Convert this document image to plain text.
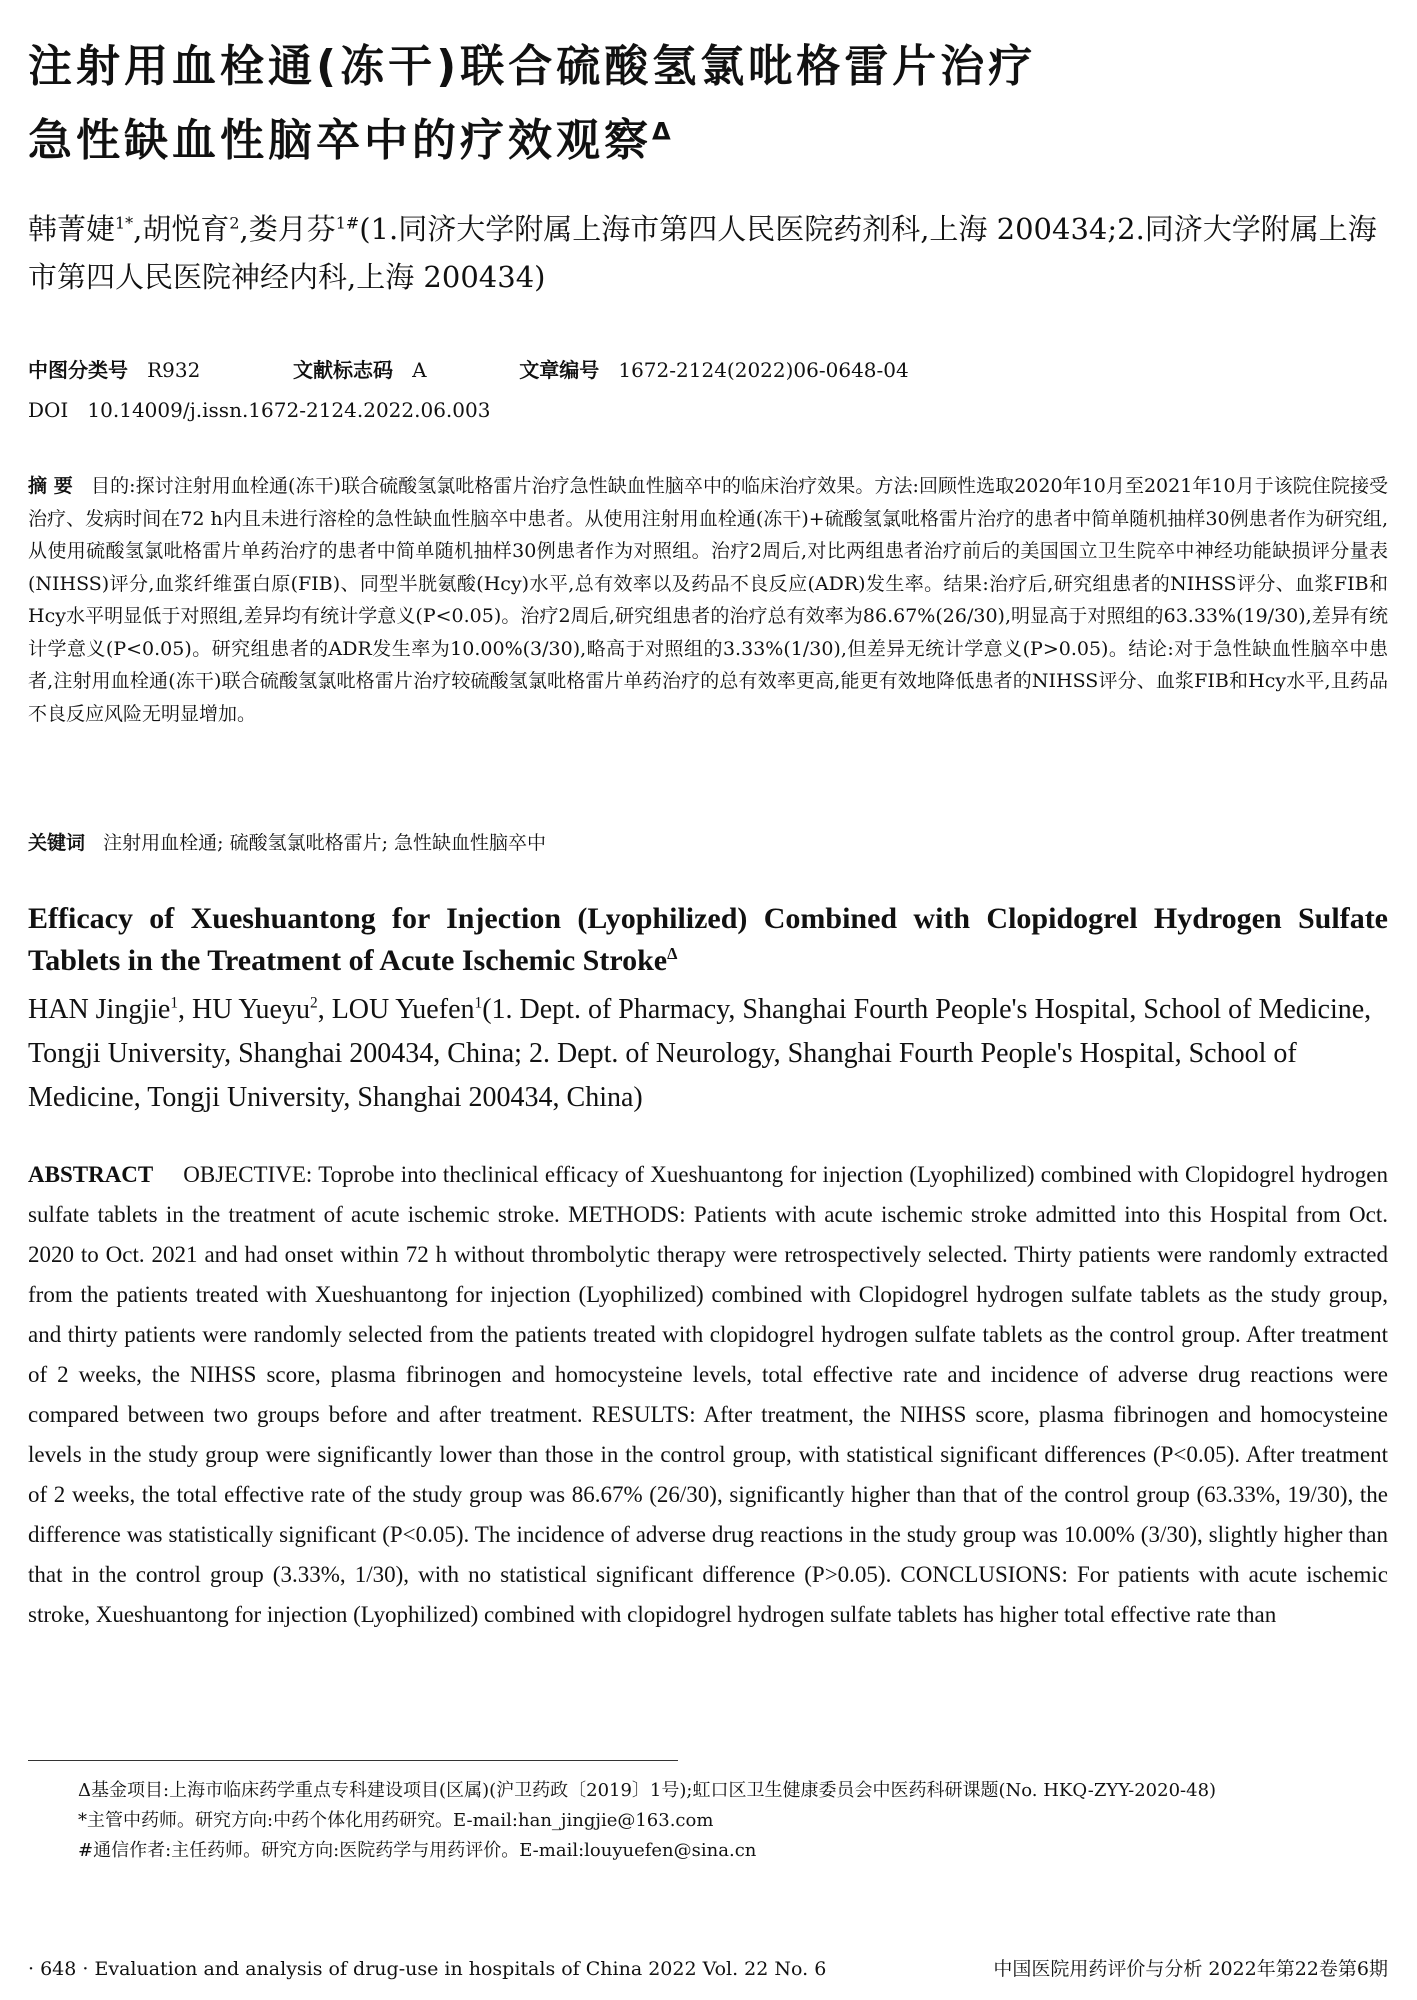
注射用血栓通(冻干)联合硫酸氢氯吡格雷片治疗
急性缺血性脑卒中的疗效观察$^\Delta$
韩菁婕$^{1*}$,胡悦育$^2$,娄月芬$^{1\#}$(1.同济大学附属上海市第四人民医院药剂科,上海 200434;2.同济大学附属上海市第四人民医院神经内科,上海 200434)
中图分类号 R932	文献标志码 A	文章编号 1672-2124(2022)06-0648-04
DOI 10.14009/j.issn.1672-2124.2022.06.003
摘 要 目的:探讨注射用血栓通(冻干)联合硫酸氢氯吡格雷片治疗急性缺血性脑卒中的临床治疗效果。方法:回顾性选取2020年10月至2021年10月于该院住院接受治疗、发病时间在72 h内且未进行溶栓的急性缺血性脑卒中患者。从使用注射用血栓通(冻干)+硫酸氢氯吡格雷片治疗的患者中简单随机抽样30例患者作为研究组,从使用硫酸氢氯吡格雷片单药治疗的患者中简单随机抽样30例患者作为对照组。治疗2周后,对比两组患者治疗前后的美国国立卫生院卒中神经功能缺损评分量表(NIHSS)评分,血浆纤维蛋白原(FIB)、同型半胱氨酸(Hcy)水平,总有效率以及药品不良反应(ADR)发生率。结果:治疗后,研究组患者的NIHSS评分、血浆FIB和Hcy水平明显低于对照组,差异均有统计学意义(P<0.05)。治疗2周后,研究组患者的治疗总有效率为86.67%(26/30),明显高于对照组的63.33%(19/30),差异有统计学意义(P<0.05)。研究组患者的ADR发生率为10.00%(3/30),略高于对照组的3.33%(1/30),但差异无统计学意义(P>0.05)。结论:对于急性缺血性脑卒中患者,注射用血栓通(冻干)联合硫酸氢氯吡格雷片治疗较硫酸氢氯吡格雷片单药治疗的总有效率更高,能更有效地降低患者的NIHSS评分、血浆FIB和Hcy水平,且药品不良反应风险无明显增加。
关键词 注射用血栓通; 硫酸氢氯吡格雷片; 急性缺血性脑卒中
Efficacy of Xueshuantong for Injection (Lyophilized) Combined with Clopidogrel Hydrogen Sulfate Tablets in the Treatment of Acute Ischemic Stroke$^\Delta$
HAN Jingjie$^1$, HU Yueyu$^2$, LOU Yuefen$^1$(1. Dept. of Pharmacy, Shanghai Fourth People's Hospital, School of Medicine, Tongji University, Shanghai 200434, China; 2. Dept. of Neurology, Shanghai Fourth People's Hospital, School of Medicine, Tongji University, Shanghai 200434, China)
ABSTRACT OBJECTIVE: Toprobe into theclinical efficacy of Xueshuantong for injection (Lyophilized) combined with Clopidogrel hydrogen sulfate tablets in the treatment of acute ischemic stroke. METHODS: Patients with acute ischemic stroke admitted into this Hospital from Oct. 2020 to Oct. 2021 and had onset within 72 h without thrombolytic therapy were retrospectively selected. Thirty patients were randomly extracted from the patients treated with Xueshuantong for injection (Lyophilized) combined with Clopidogrel hydrogen sulfate tablets as the study group, and thirty patients were randomly selected from the patients treated with clopidogrel hydrogen sulfate tablets as the control group. After treatment of 2 weeks, the NIHSS score, plasma fibrinogen and homocysteine levels, total effective rate and incidence of adverse drug reactions were compared between two groups before and after treatment. RESULTS: After treatment, the NIHSS score, plasma fibrinogen and homocysteine levels in the study group were significantly lower than those in the control group, with statistical significant differences (P<0.05). After treatment of 2 weeks, the total effective rate of the study group was 86.67% (26/30), significantly higher than that of the control group (63.33%, 19/30), the difference was statistically significant (P<0.05). The incidence of adverse drug reactions in the study group was 10.00% (3/30), slightly higher than that in the control group (3.33%, 1/30), with no statistical significant difference (P>0.05). CONCLUSIONS: For patients with acute ischemic stroke, Xueshuantong for injection (Lyophilized) combined with clopidogrel hydrogen sulfate tablets has higher total effective rate than

Δ基金项目:上海市临床药学重点专科建设项目(区属)(沪卫药政〔2019〕1号);虹口区卫生健康委员会中医药科研课题(No. HKQ-ZYY-2020-48)

*主管中药师。研究方向:中药个体化用药研究。E-mail:han_jingjie@163.com

#通信作者:主任药师。研究方向:医院药学与用药评价。E-mail:louyuefen@sina.cn

· 648 · Evaluation and analysis of drug-use in hospitals of China 2022 Vol. 22 No. 6	中国医院用药评价与分析 2022年第22卷第6期
